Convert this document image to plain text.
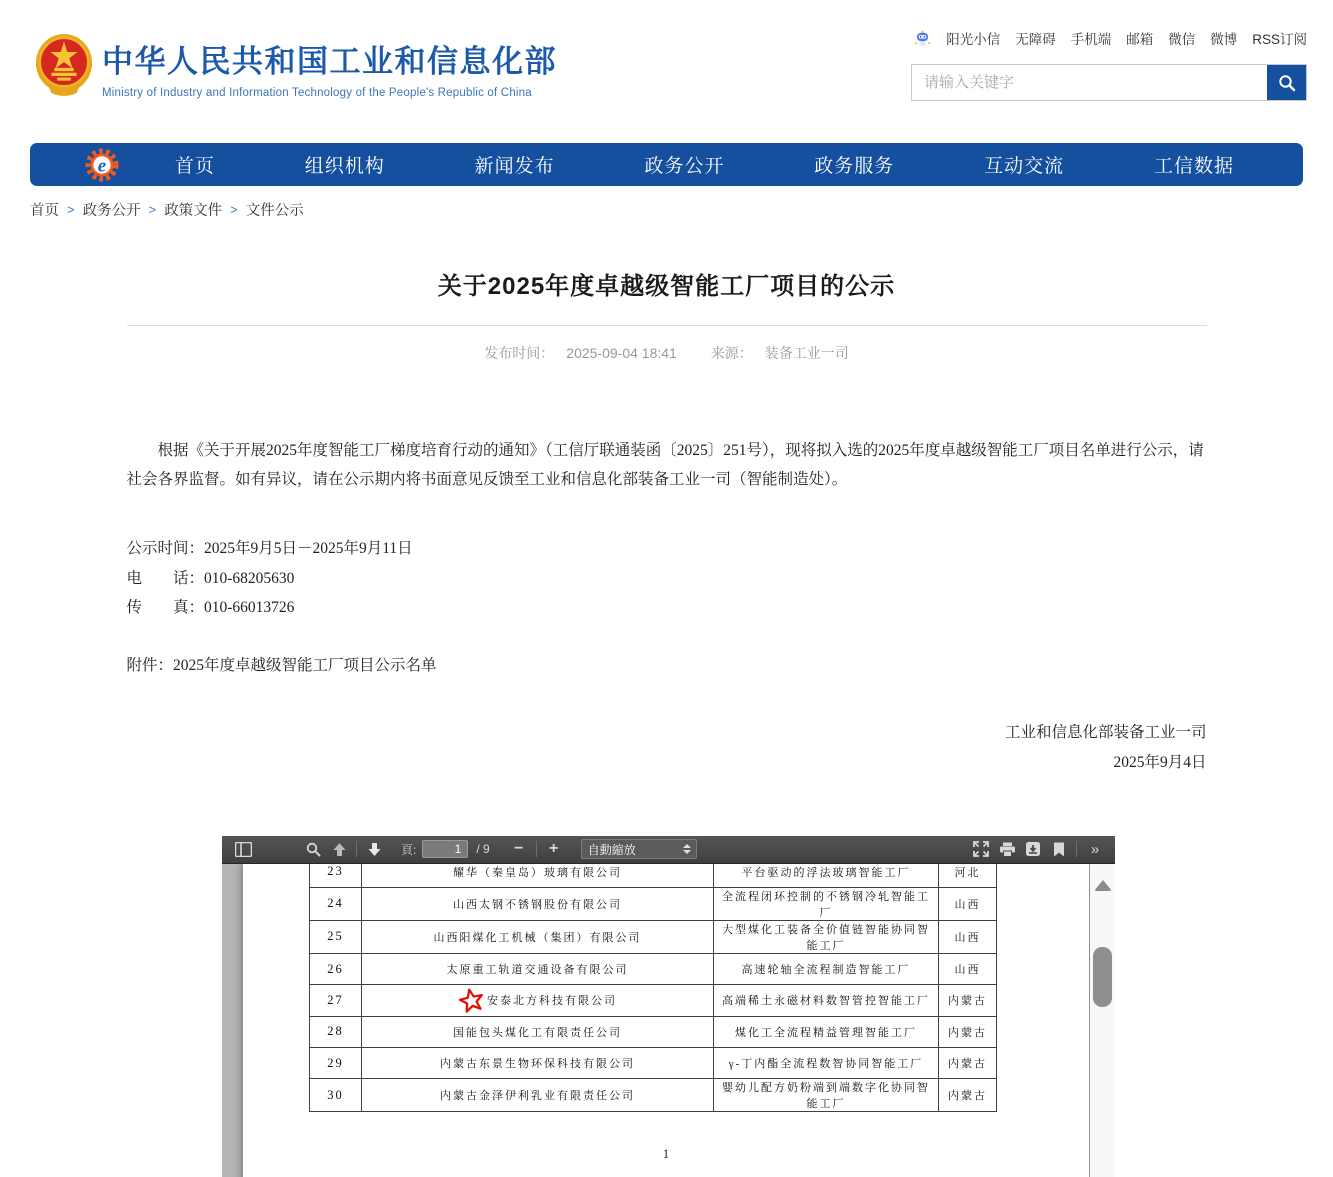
中华人民共和国工业和信息化部
Ministry of Industry and Information Technology of the People's Republic of China
阳光小信 无障碍 手机端 邮箱 微信 微博 RSS订阅
请输入关键字
e	首页	组织机构	新闻发布	政务公开	政务服务	互动交流	工信数据
首页 > 政务公开 > 政策文件 > 文件公示
关于2025年度卓越级智能工厂项目的公示
发布时间： 2025-09-04 18:41 来源： 装备工业一司

根据《关于开展2025年度智能工厂梯度培育行动的通知》（工信厅联通装函〔2025〕251号），现将拟入选的2025年度卓越级智能工厂项目名单进行公示，请社会各界监督。如有异议，请在公示期内将书面意见反馈至工业和信息化部装备工业一司（智能制造处）。

公示时间：2025年9月5日－2025年9月11日
电　　话：010-68205630
传　　真：010-66013726
附件：2025年度卓越级智能工厂项目公示名单
工业和信息化部装备工业一司
2025年9月4日
頁:
1	/ 9	−	+	自動縮放	»
23	耀华（秦皇岛）玻璃有限公司	平台驱动的浮法玻璃智能工厂	河北
24	山西太钢不锈钢股份有限公司	全流程闭环控制的不锈钢冷轧智能工厂	山西
25	山西阳煤化工机械（集团）有限公司	大型煤化工装备全价值链智能协同智能工厂	山西
26	太原重工轨道交通设备有限公司	高速轮轴全流程制造智能工厂	山西
27	安泰北方科技有限公司	高端稀土永磁材料数智管控智能工厂	内蒙古
28	国能包头煤化工有限责任公司	煤化工全流程精益管理智能工厂	内蒙古
29	内蒙古东景生物环保科技有限公司	γ-丁内酯全流程数智协同智能工厂	内蒙古
30	内蒙古金泽伊利乳业有限责任公司	婴幼儿配方奶粉端到端数字化协同智能工厂	内蒙古
1
